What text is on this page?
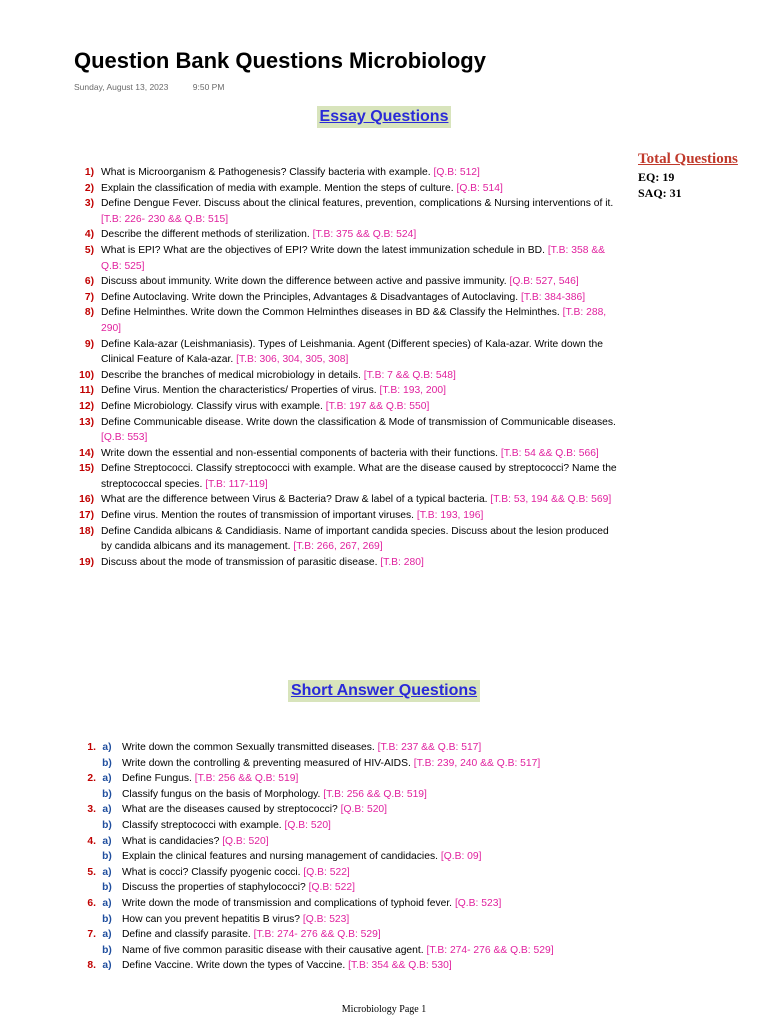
Question Bank Questions Microbiology
Sunday, August 13, 2023	9:50 PM
Essay Questions
Total Questions
EQ: 19
SAQ: 31
1) What is Microorganism & Pathogenesis? Classify bacteria with example. [Q.B: 512]
2) Explain the classification of media with example. Mention the steps of culture. [Q.B: 514]
3) Define Dengue Fever. Discuss about the clinical features, prevention, complications & Nursing interventions of it. [T.B: 226- 230 && Q.B: 515]
4) Describe the different methods of sterilization. [T.B: 375 && Q.B: 524]
5) What is EPI? What are the objectives of EPI? Write down the latest immunization schedule in BD. [T.B: 358 && Q.B: 525]
6) Discuss about immunity. Write down the difference between active and passive immunity. [Q.B: 527, 546]
7) Define Autoclaving. Write down the Principles, Advantages & Disadvantages of Autoclaving. [T.B: 384-386]
8) Define Helminthes. Write down the Common Helminthes diseases in BD && Classify the Helminthes. [T.B: 288, 290]
9) Define Kala-azar (Leishmaniasis). Types of Leishmania. Agent (Different species) of Kala-azar. Write down the Clinical Feature of Kala-azar. [T.B: 306, 304, 305, 308]
10) Describe the branches of medical microbiology in details. [T.B: 7 && Q.B: 548]
11) Define Virus. Mention the characteristics/ Properties of virus. [T.B: 193, 200]
12) Define Microbiology. Classify virus with example. [T.B: 197 && Q.B: 550]
13) Define Communicable disease. Write down the classification & Mode of transmission of Communicable diseases. [Q.B: 553]
14) Write down the essential and non-essential components of bacteria with their functions. [T.B: 54 && Q.B: 566]
15) Define Streptococci. Classify streptococci with example. What are the disease caused by streptococci? Name the streptococcal species. [T.B: 117-119]
16) What are the difference between Virus & Bacteria? Draw & label of a typical bacteria. [T.B: 53, 194 && Q.B: 569]
17) Define virus. Mention the routes of transmission of important viruses. [T.B: 193, 196]
18) Define Candida albicans & Candidiasis. Name of important candida species. Discuss about the lesion produced by candida albicans and its management. [T.B: 266, 267, 269]
19) Discuss about the mode of transmission of parasitic disease. [T.B: 280]
Short Answer Questions
1. a)	Write down the common Sexually transmitted diseases. [T.B: 237 && Q.B: 517]
b) Write down the controlling & preventing measured of HIV-AIDS. [T.B: 239, 240 && Q.B: 517]
2. a)	Define Fungus. [T.B: 256 && Q.B: 519]
b) Classify fungus on the basis of Morphology. [T.B: 256 && Q.B: 519]
3. a)	What are the diseases caused by streptococci? [Q.B: 520]
b) Classify streptococci with example. [Q.B: 520]
4. a)	What is candidacies? [Q.B: 520]
b) Explain the clinical features and nursing management of candidacies. [Q.B: 09]
5. a)	What is cocci? Classify pyogenic cocci. [Q.B: 522]
b) Discuss the properties of staphylococci? [Q.B: 522]
6. a)	Write down the mode of transmission and complications of typhoid fever. [Q.B: 523]
b) How can you prevent hepatitis B virus? [Q.B: 523]
7. a)	Define and classify parasite. [T.B: 274- 276 && Q.B: 529]
b) Name of five common parasitic disease with their causative agent. [T.B: 274- 276 && Q.B: 529]
8. a)	Define Vaccine. Write down the types of Vaccine. [T.B: 354 && Q.B: 530]
Microbiology Page 1
